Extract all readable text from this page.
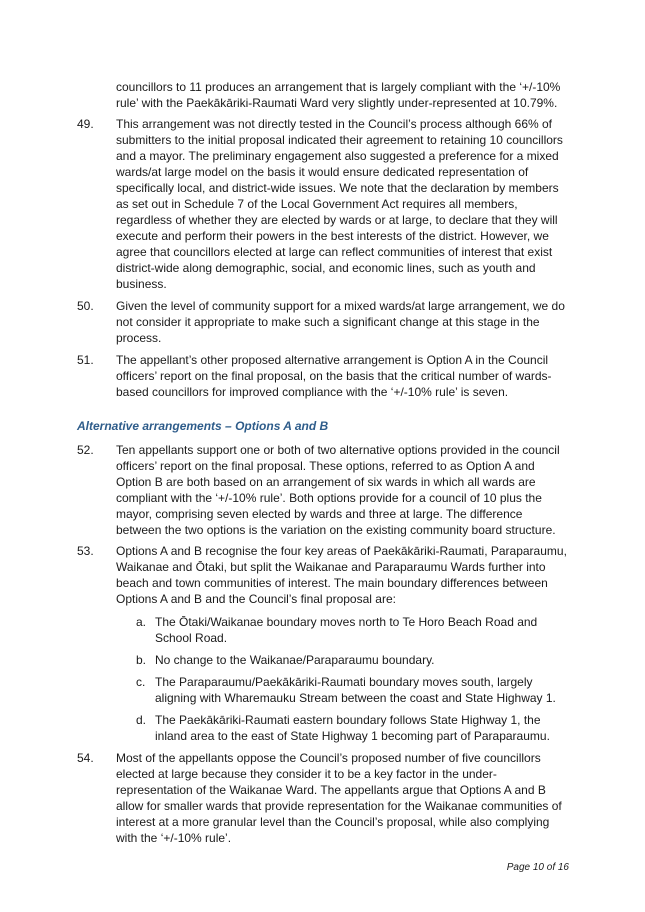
councillors to 11 produces an arrangement that is largely compliant with the ‘+/-10% rule’ with the Paekākāriki-Raumati Ward very slightly under-represented at 10.79%.
49.	This arrangement was not directly tested in the Council’s process although 66% of submitters to the initial proposal indicated their agreement to retaining 10 councillors and a mayor. The preliminary engagement also suggested a preference for a mixed wards/at large model on the basis it would ensure dedicated representation of specifically local, and district-wide issues. We note that the declaration by members as set out in Schedule 7 of the Local Government Act requires all members, regardless of whether they are elected by wards or at large, to declare that they will execute and perform their powers in the best interests of the district. However, we agree that councillors elected at large can reflect communities of interest that exist district-wide along demographic, social, and economic lines, such as youth and business.
50.	Given the level of community support for a mixed wards/at large arrangement, we do not consider it appropriate to make such a significant change at this stage in the process.
51.	The appellant’s other proposed alternative arrangement is Option A in the Council officers’ report on the final proposal, on the basis that the critical number of wards-based councillors for improved compliance with the ‘+/-10% rule’ is seven.
Alternative arrangements – Options A and B
52.	Ten appellants support one or both of two alternative options provided in the council officers’ report on the final proposal. These options, referred to as Option A and Option B are both based on an arrangement of six wards in which all wards are compliant with the ‘+/-10% rule’. Both options provide for a council of 10 plus the mayor, comprising seven elected by wards and three at large. The difference between the two options is the variation on the existing community board structure.
53.	Options A and B recognise the four key areas of Paekākāriki-Raumati, Paraparaumu, Waikanae and Ōtaki, but split the Waikanae and Paraparaumu Wards further into beach and town communities of interest. The main boundary differences between Options A and B and the Council’s final proposal are:
a. The Ōtaki/Waikanae boundary moves north to Te Horo Beach Road and School Road.
b. No change to the Waikanae/Paraparaumu boundary.
c. The Paraparaumu/Paekākāriki-Raumati boundary moves south, largely aligning with Wharemauku Stream between the coast and State Highway 1.
d. The Paekākāriki-Raumati eastern boundary follows State Highway 1, the inland area to the east of State Highway 1 becoming part of Paraparaumu.
54.	Most of the appellants oppose the Council’s proposed number of five councillors elected at large because they consider it to be a key factor in the under-representation of the Waikanae Ward. The appellants argue that Options A and B allow for smaller wards that provide representation for the Waikanae communities of interest at a more granular level than the Council’s proposal, while also complying with the ‘+/-10% rule’.
Page 10 of 16
